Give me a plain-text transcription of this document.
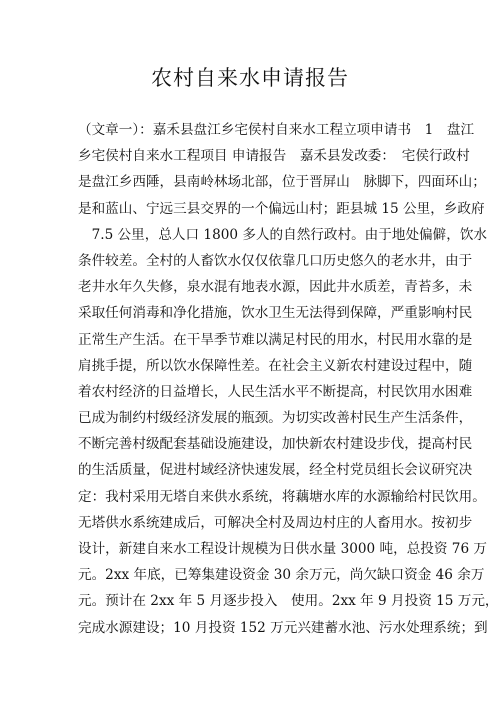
农村自来水申请报告
（文章一）：嘉禾县盘江乡宅侯村自来水工程立项申请书　1　盘江
乡宅侯村自来水工程项目 申请报告　嘉禾县发改委：　宅侯行政村
是盘江乡西陲，县南岭林场北部，位于晋屏山　脉脚下，四面环山；
是和蓝山、宁远三县交界的一个偏远山村；距县城 15 公里，乡政府
　7.5 公里，总人口 1800 多人的自然行政村。由于地处偏僻，饮水
条件较差。全村的人畜饮水仅仅依靠几口历史悠久的老水井，由于
老井水年久失修，泉水混有地表水源，因此井水质差，青苔多，未
采取任何消毒和净化措施，饮水卫生无法得到保障，严重影响村民
正常生产生活。在干旱季节难以满足村民的用水，村民用水靠的是
肩挑手提，所以饮水保障性差。在社会主义新农村建设过程中，随
着农村经济的日益增长，人民生活水平不断提高，村民饮用水困难
已成为制约村级经济发展的瓶颈。为切实改善村民生产生活条件，
不断完善村级配套基础设施建设，加快新农村建设步伐，提高村民
的生活质量，促进村域经济快速发展，经全村党员组长会议研究决
定：我村采用无塔自来供水系统，将藕塘水库的水源输给村民饮用。
无塔供水系统建成后，可解决全村及周边村庄的人畜用水。按初步
设计，新建自来水工程设计规模为日供水量 3000 吨，总投资 76 万
元。2xx 年底，已筹集建设资金 30 余万元，尚欠缺口资金 46 余万
元。预计在 2xx 年 5 月逐步投入　使用。2xx 年 9 月投资 15 万元，
完成水源建设；10 月投资 152 万元兴建蓄水池、污水处理系统；到
